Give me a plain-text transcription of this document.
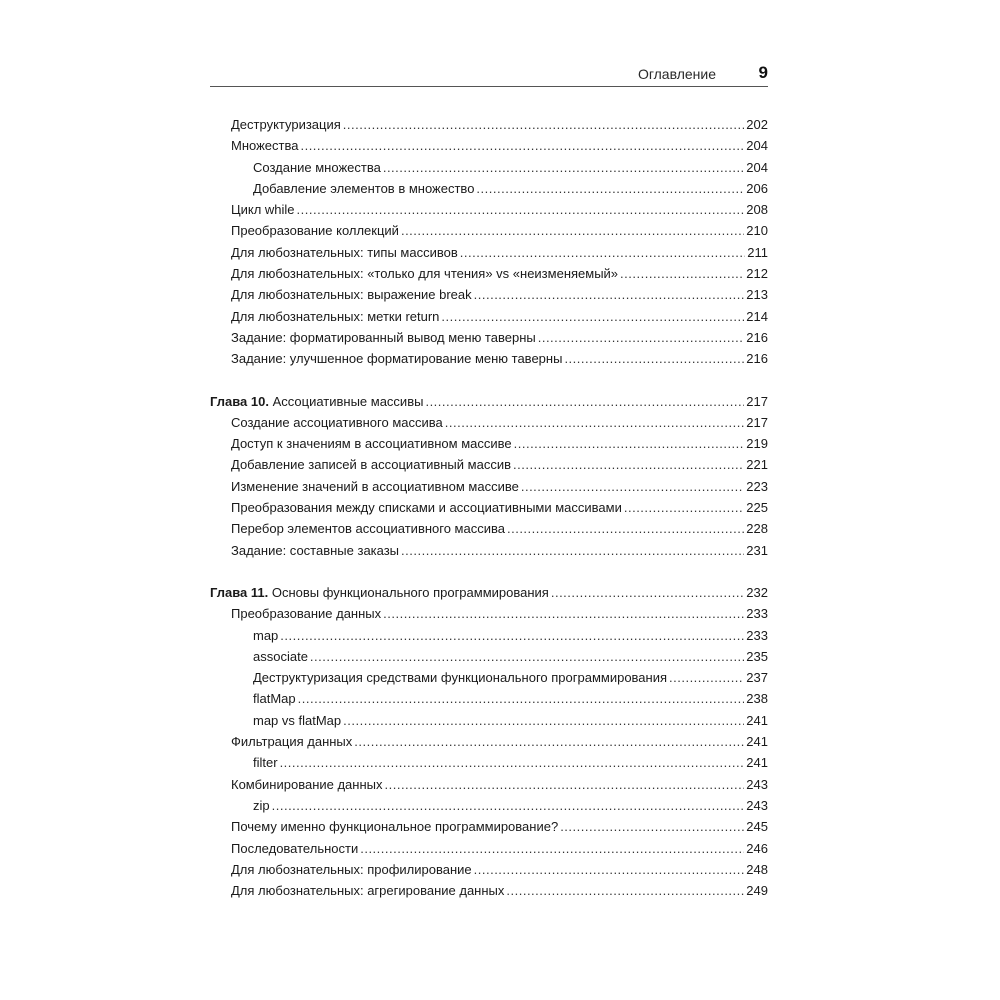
Оглавление	9
Деструктуризация .....	202
Множества .....	204
Создание множества .....	204
Добавление элементов в множество .....	206
Цикл while .....	208
Преобразование коллекций .....	210
Для любознательных: типы массивов .....	211
Для любознательных: «только для чтения» vs «неизменяемый» .....	212
Для любознательных: выражение break .....	213
Для любознательных: метки return .....	214
Задание: форматированный вывод меню таверны .....	216
Задание: улучшенное форматирование меню таверны .....	216
Глава 10. Ассоциативные массивы .....	217
Создание ассоциативного массива .....	217
Доступ к значениям в ассоциативном массиве .....	219
Добавление записей в ассоциативный массив .....	221
Изменение значений в ассоциативном массиве .....	223
Преобразования между списками и ассоциативными массивами .....	225
Перебор элементов ассоциативного массива .....	228
Задание: составные заказы .....	231
Глава 11. Основы функционального программирования .....	232
Преобразование данных .....	233
map .....	233
associate .....	235
Деструктуризация средствами функционального программирования .....	237
flatMap .....	238
map vs flatMap .....	241
Фильтрация данных .....	241
filter .....	241
Комбинирование данных .....	243
zip .....	243
Почему именно функциональное программирование? .....	245
Последовательности .....	246
Для любознательных: профилирование .....	248
Для любознательных: агрегирование данных .....	249
